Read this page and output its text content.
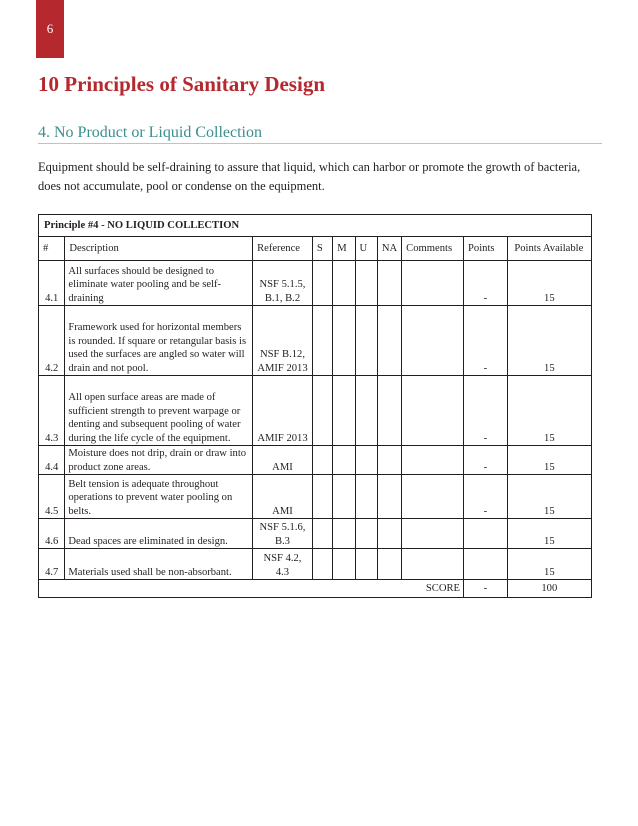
6
10 Principles of Sanitary Design
4. No Product or Liquid Collection

Equipment should be self-draining to assure that liquid, which can harbor or promote the growth of bacteria, does not accumulate, pool or condense on the equipment.

Principle #4 - NO LIQUID COLLECTION									
#	Description	Reference	S	M	U	NA	Comments	Points	Points Available
4.1	All surfaces should be designed to eliminate water pooling and be self-draining	NSF 5.1.5, B.1, B.2						-	15
4.2	Framework used for horizontal members is rounded. If square or retangular basis is used the surfaces are angled so water will drain and not pool.	NSF B.12, AMIF 2013						-	15
4.3	All open surface areas are made of sufficient strength to prevent warpage or denting and subsequent pooling of water during the life cycle of the equipment.	AMIF 2013						-	15
4.4	Moisture does not drip, drain or draw into product zone areas.	AMI						-	15
4.5	Belt tension is adequate throughout operations to prevent water pooling on belts.	AMI						-	15
4.6	Dead spaces are eliminated in design.	NSF 5.1.6, B.3							15
4.7	Materials used shall be non-absorbant.	NSF 4.2, 4.3							15
							SCORE	-	100
